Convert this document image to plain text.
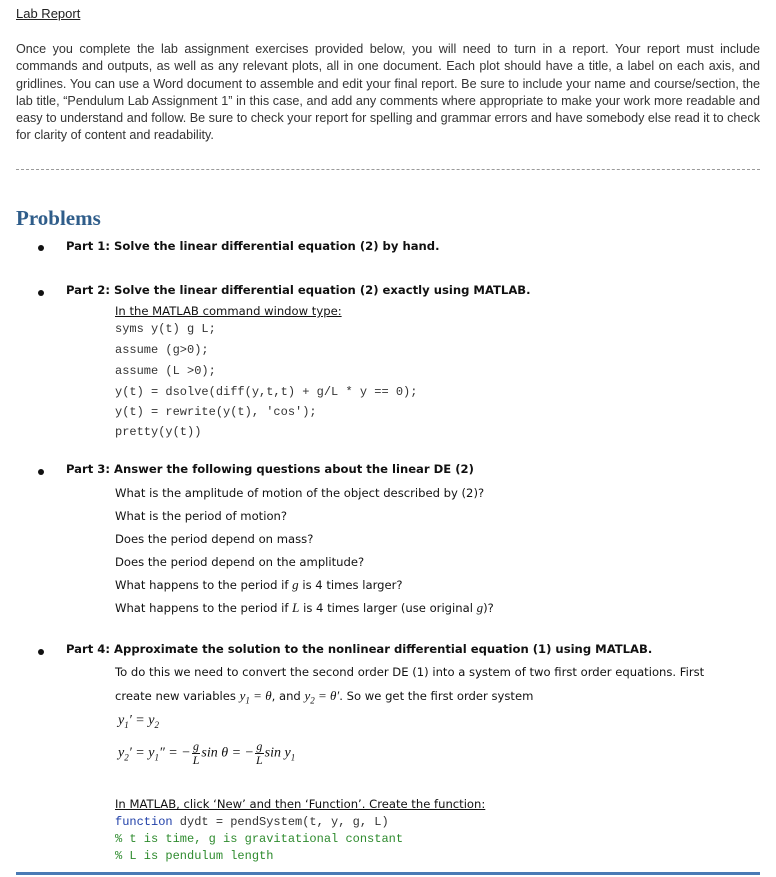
Lab Report
Once you complete the lab assignment exercises provided below, you will need to turn in a report. Your report must include commands and outputs, as well as any relevant plots, all in one document. Each plot should have a title, a label on each axis, and gridlines. You can use a Word document to assemble and edit your final report. Be sure to include your name and course/section, the lab title, “Pendulum Lab Assignment 1” in this case, and add any comments where appropriate to make your work more readable and easy to understand and follow. Be sure to check your report for spelling and grammar errors and have somebody else read it to check for clarity of content and readability.
Problems
Part 1: Solve the linear differential equation (2) by hand.
Part 2: Solve the linear differential equation (2) exactly using MATLAB.
In the MATLAB command window type:
syms y(t) g L;
assume (g>0);
assume (L >0);
y(t) = dsolve(diff(y,t,t) + g/L * y == 0);
y(t) = rewrite(y(t), 'cos');
pretty(y(t))
Part 3: Answer the following questions about the linear DE (2)
What is the amplitude of motion of the object described by (2)?
What is the period of motion?
Does the period depend on mass?
Does the period depend on the amplitude?
What happens to the period if g is 4 times larger?
What happens to the period if L is 4 times larger (use original g)?
Part 4: Approximate the solution to the nonlinear differential equation (1) using MATLAB.
To do this we need to convert the second order DE (1) into a system of two first order equations. First
create new variables $y_1 = \theta$, and $y_2 = \theta'$. So we get the first order system
$y_1' = y_2$
$y_2' = y_1''$ = − $\frac{g}{L}$ sin θ = − $\frac{g}{L}$ $\sin y_1$
In MATLAB, click ‘New’ and then ‘Function’. Create the function:
function dydt = pendSystem(t, y, g, L)
% t is time, g is gravitational constant
% L is pendulum length
